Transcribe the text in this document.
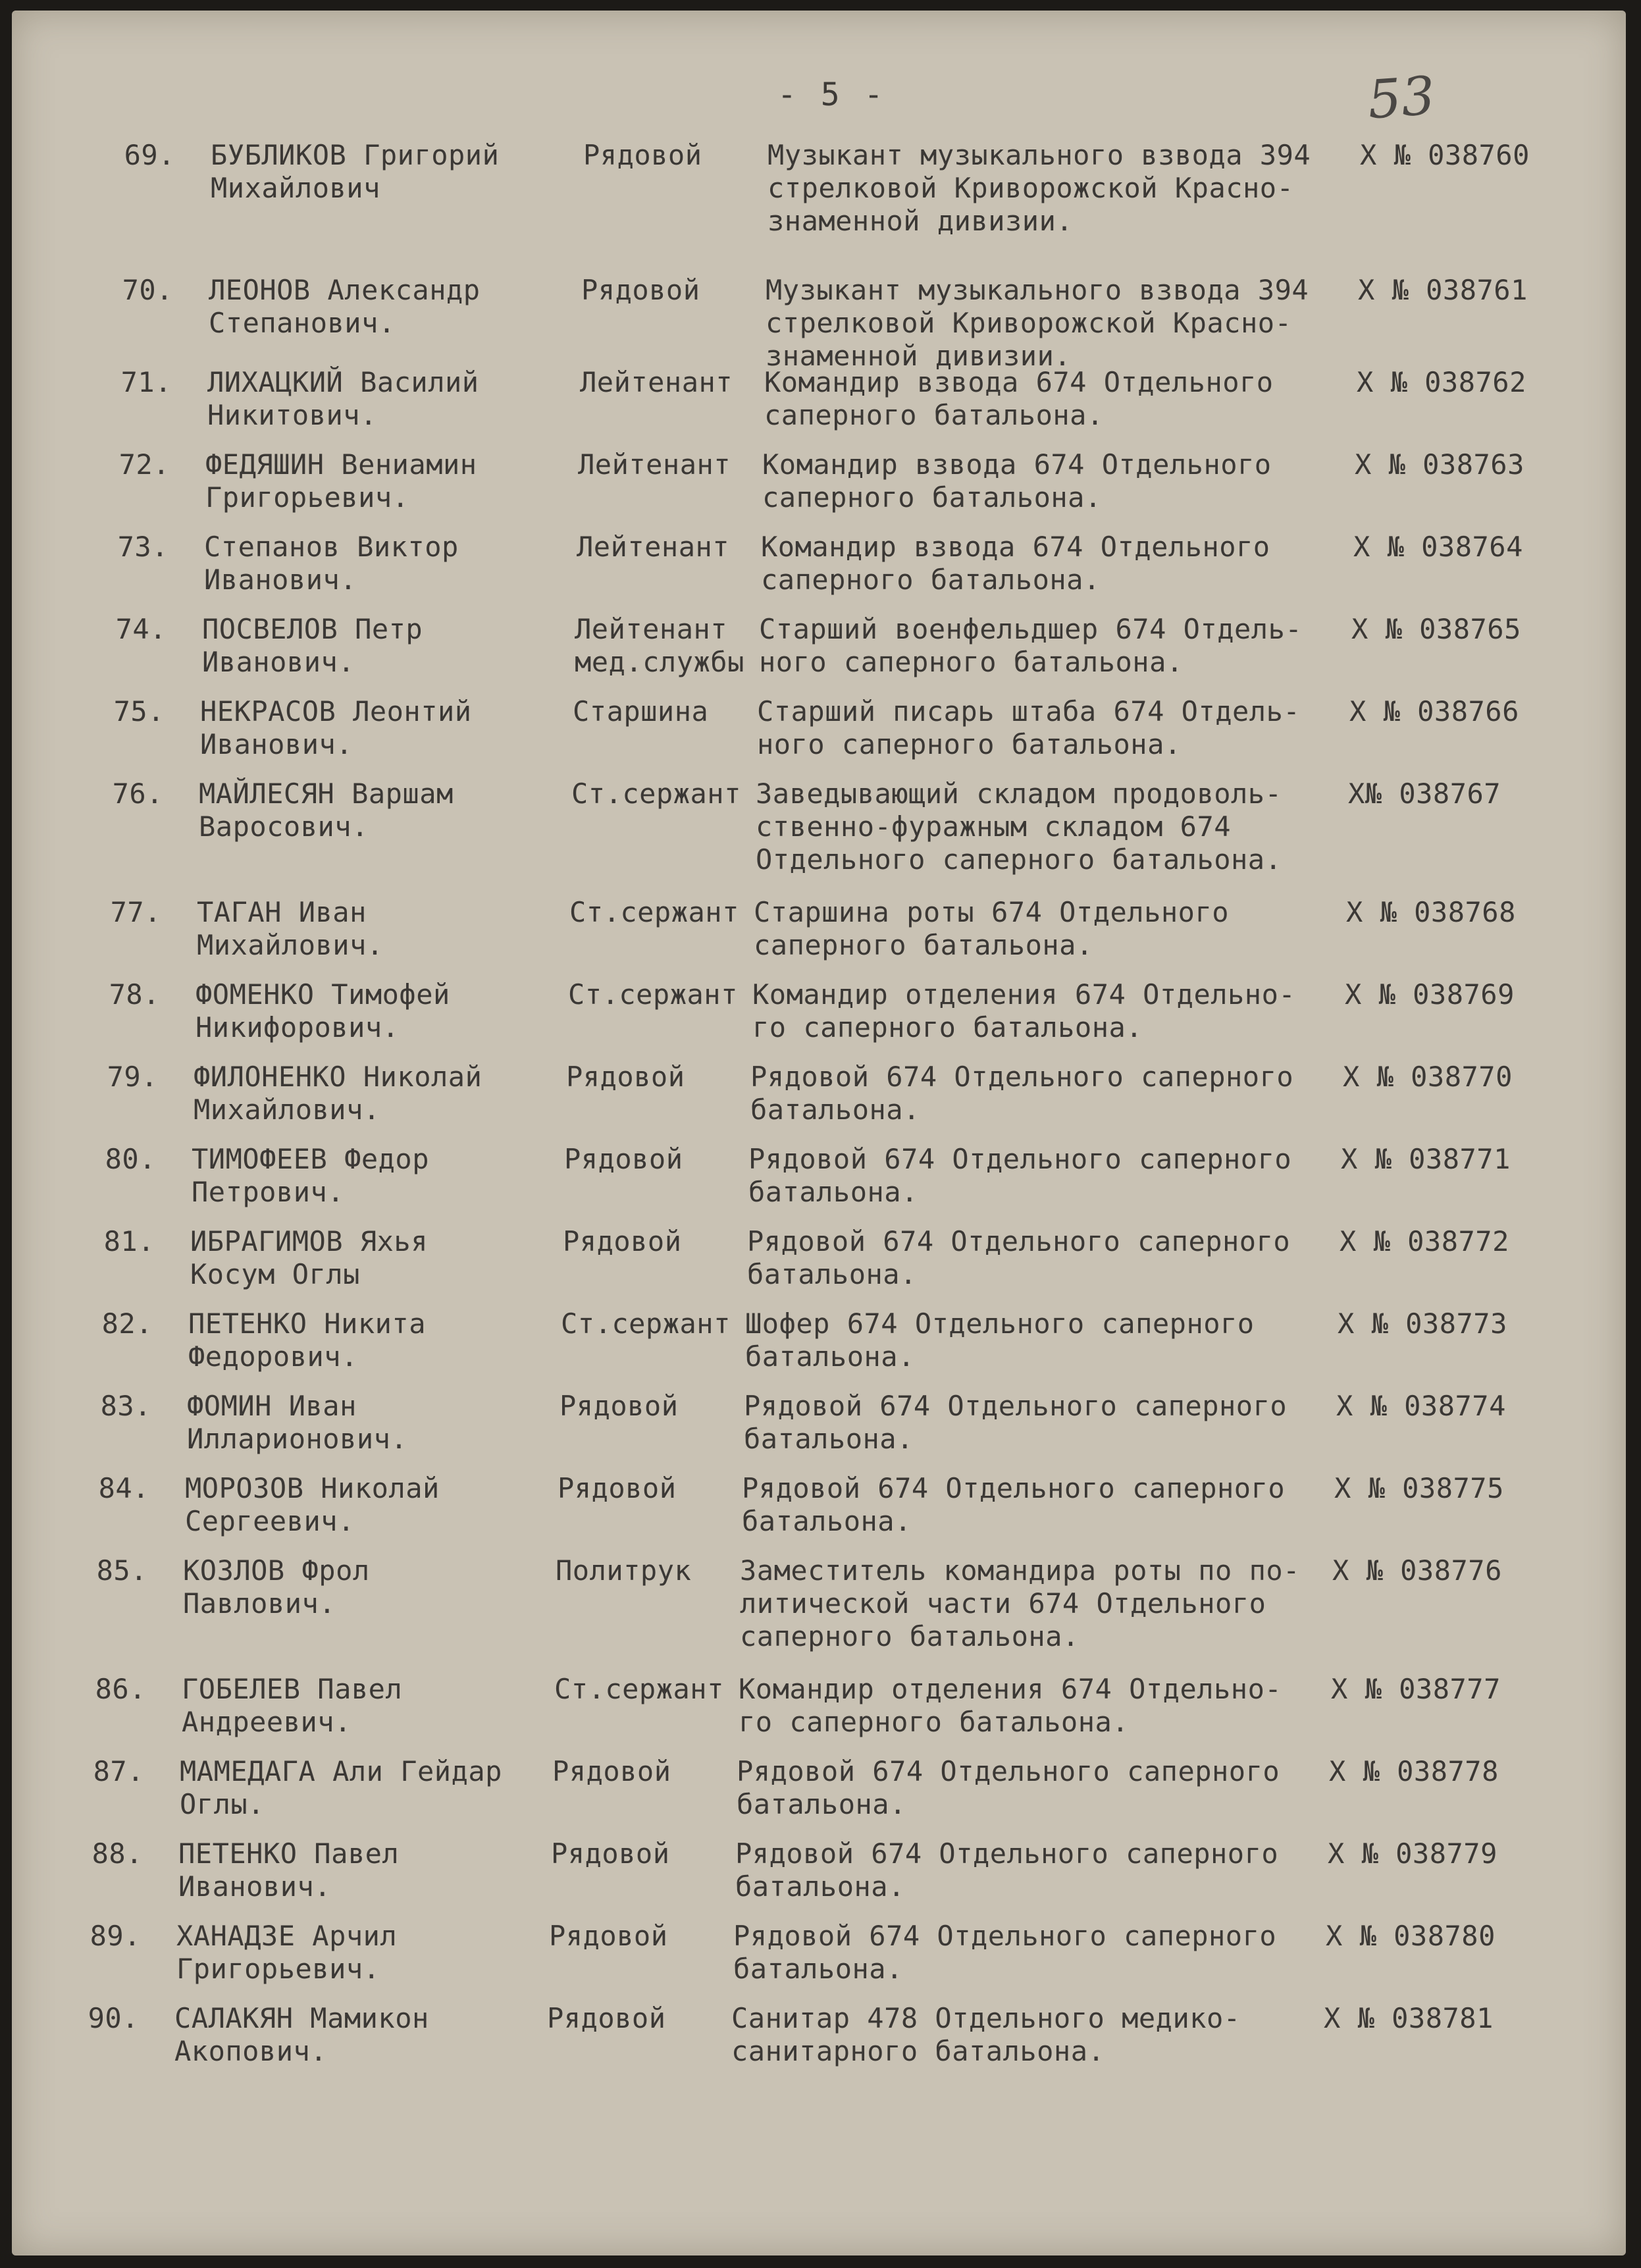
- 5 -	53
69. БУБЛИКОВ Григорий
Михайлович
Рядовой	Музыкант музыкального взвода 394
стрелковой Криворожской Красно-
знаменной дивизии.
Х № 038760
70. ЛЕОНОВ Александр
Степанович.
Рядовой	Музыкант музыкального взвода 394
стрелковой Криворожской Красно-
знаменной дивизии.
Х № 038761
71. ЛИХАЦКИЙ Василий
Никитович.
Лейтенант	Командир взвода 674 Отдельного
саперного батальона.
Х № 038762
72. ФЕДЯШИН Вениамин
Григорьевич.
Лейтенант	Командир взвода 674 Отдельного
саперного батальона.
Х № 038763
73. Степанов Виктор
Иванович.
Лейтенант	Командир взвода 674 Отдельного
саперного батальона.
Х № 038764
74. ПОСВЕЛОВ Петр
Иванович.
Лейтенант
мед.службы
Старший военфельдшер 674 Отдель-
ного саперного батальона.
Х № 038765
75. НЕКРАСОВ Леонтий
Иванович.
Старшина	Старший писарь штаба 674 Отдель-
ного саперного батальона.
Х № 038766
76. МАЙЛЕСЯН Варшам
Варосович.
Ст.сержант Заведывающий складом продоволь-
ственно-фуражным складом 674
Отдельного саперного батальона.
Х№ 038767
77. ТАГАН Иван
Михайлович.
Ст.сержант Старшина роты 674 Отдельного
саперного батальона.
Х № 038768
78. ФОМЕНКО Тимофей
Никифорович.
Ст.сержант Командир отделения 674 Отдельно-
го саперного батальона.
Х № 038769
79. ФИЛОНЕНКО Николай
Михайлович.
Рядовой	Рядовой 674 Отдельного саперного
батальона.
Х № 038770
80. ТИМОФЕЕВ Федор
Петрович.
Рядовой	Рядовой 674 Отдельного саперного
батальона.
Х № 038771
81. ИБРАГИМОВ Яхья
Косум Оглы
Рядовой	Рядовой 674 Отдельного саперного
батальона.
Х № 038772
82. ПЕТЕНКО Никита
Федорович.
Ст.сержант Шофер 674 Отдельного саперного
батальона.
Х № 038773
83. ФОМИН Иван
Илларионович.
Рядовой	Рядовой 674 Отдельного саперного
батальона.
Х № 038774
84. МОРОЗОВ Николай
Сергеевич.
Рядовой	Рядовой 674 Отдельного саперного
батальона.
Х № 038775
85. КОЗЛОВ Фрол
Павлович.
Политрук	Заместитель командира роты по по-
литической части 674 Отдельного
саперного батальона.
Х № 038776
86. ГОБЕЛЕВ Павел
Андреевич.
Ст.сержант Командир отделения 674 Отдельно-
го саперного батальона.
Х № 038777
87. МАМЕДАГА Али Гейдар
Оглы.
Рядовой	Рядовой 674 Отдельного саперного
батальона.
Х № 038778
88. ПЕТЕНКО Павел
Иванович.
Рядовой	Рядовой 674 Отдельного саперного
батальона.
Х № 038779
89. ХАНАДЗЕ Арчил
Григорьевич.
Рядовой	Рядовой 674 Отдельного саперного
батальона.
Х № 038780
90. САЛАКЯН Мамикон
Акопович.
Рядовой	Санитар 478 Отдельного медико-
санитарного батальона.
Х № 038781
